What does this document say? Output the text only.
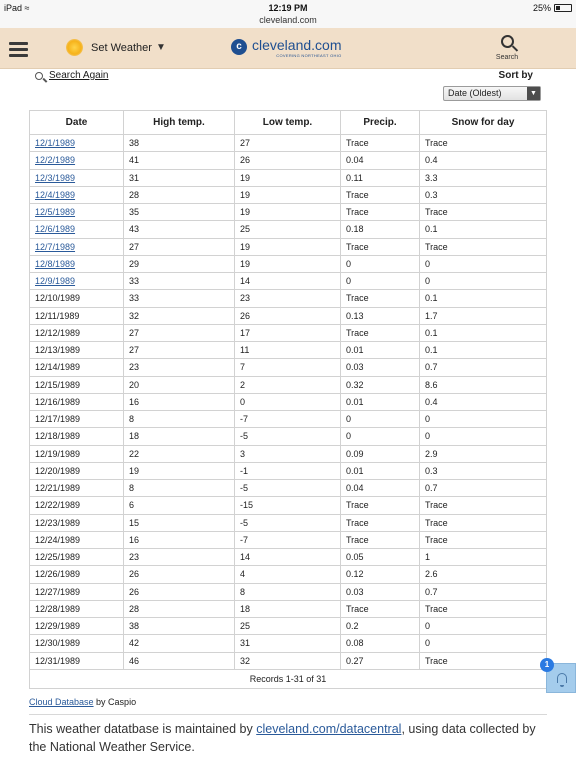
iPad ≈	12:19 PM
cleveland.com
25%
Set Weather ▼	c cleveland.com
COVERING NORTHEAST OHIO	Search
Search Again	Sort by
Date (Oldest)	▼
Date	High temp.	Low temp.	Precip.	Snow for day
12/1/1989	38	27	Trace	Trace
12/2/1989	41	26	0.04	0.4
12/3/1989	31	19	0.11	3.3
12/4/1989	28	19	Trace	0.3
12/5/1989	35	19	Trace	Trace
12/6/1989	43	25	0.18	0.1
12/7/1989	27	19	Trace	Trace
12/8/1989	29	19	0	0
12/9/1989	33	14	0	0
12/10/1989	33	23	Trace	0.1
12/11/1989	32	26	0.13	1.7
12/12/1989	27	17	Trace	0.1
12/13/1989	27	11	0.01	0.1
12/14/1989	23	7	0.03	0.7
12/15/1989	20	2	0.32	8.6
12/16/1989	16	0	0.01	0.4
12/17/1989	8	-7	0	0
12/18/1989	18	-5	0	0
12/19/1989	22	3	0.09	2.9
12/20/1989	19	-1	0.01	0.3
12/21/1989	8	-5	0.04	0.7
12/22/1989	6	-15	Trace	Trace
12/23/1989	15	-5	Trace	Trace
12/24/1989	16	-7	Trace	Trace
12/25/1989	23	14	0.05	1
12/26/1989	26	4	0.12	2.6
12/27/1989	26	8	0.03	0.7
12/28/1989	28	18	Trace	Trace
12/29/1989	38	25	0.2	0
12/30/1989	42	31	0.08	0
12/31/1989	46	32	0.27	Trace
Records 1-31 of 31				
1
Cloud Database by Caspio
This weather datatbase is maintained by cleveland.com/datacentral, using data collected by the National Weather Service.
